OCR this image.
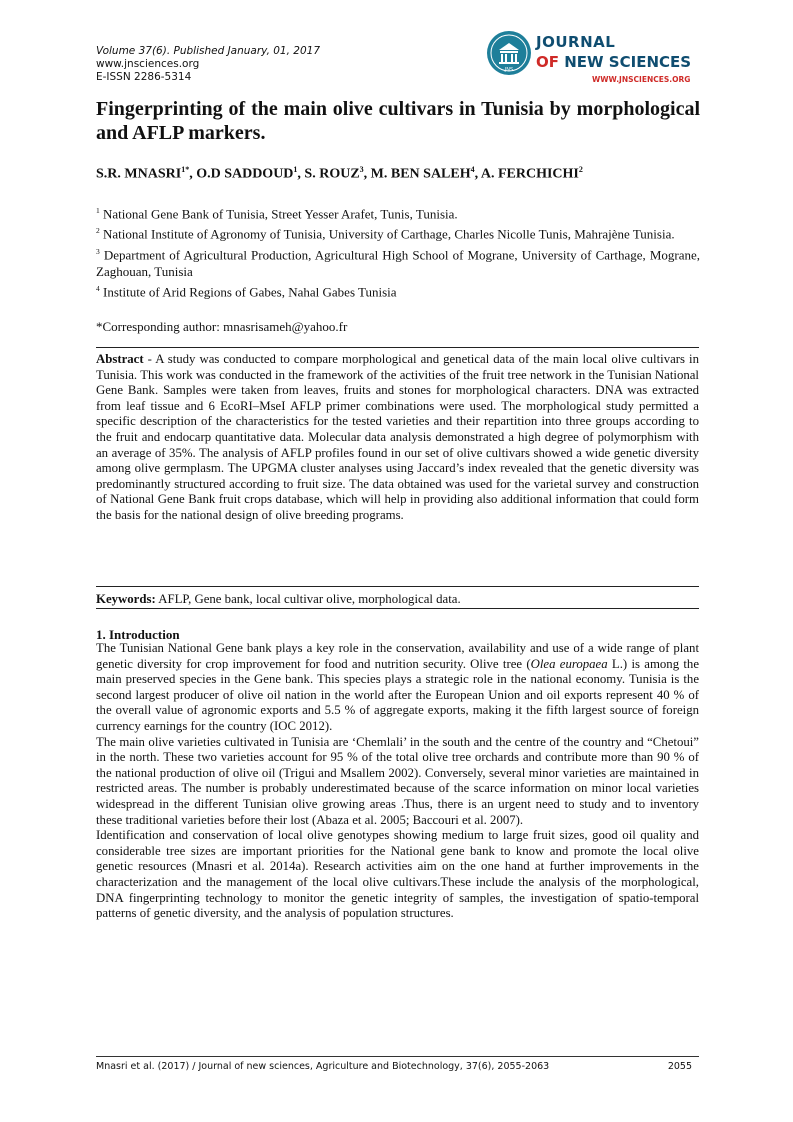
Volume 37(6). Published January, 01, 2017
www.jnsciences.org
E-ISSN 2286-5314
JNS
JOURNAL
OF NEW SCIENCES
WWW.JNSCIENCES.ORG
Fingerprinting of the main olive cultivars in Tunisia by morphological and AFLP markers.
S.R. $MNASRI^{1*}$, O.D SADDOUD$^1$, S. ROUZ$^3$, M. BEN SALEH$^4$, A. FERCHICHI$^2$

$^1$ National Gene Bank of Tunisia, Street Yesser Arafet, Tunis, Tunisia.

$^2$ National Institute of Agronomy of Tunisia, University of Carthage, Charles Nicolle Tunis, Mahrajène Tunisia.

$^3$ Department of Agricultural Production, Agricultural High School of Mograne, University of Carthage, Mograne, Zaghouan, Tunisia

$^4$ Institute of Arid Regions of Gabes, Nahal Gabes Tunisia

*Corresponding author: mnasrisameh@yahoo.fr

Abstract - A study was conducted to compare morphological and genetical data of the main local olive cultivars in Tunisia. This work was conducted in the framework of the activities of the fruit tree network in the Tunisian National Gene Bank. Samples were taken from leaves, fruits and stones for morphological characters. DNA was extracted from leaf tissue and 6 EcoRI–MseI AFLP primer combinations were used. The morphological study permitted a specific description of the characteristics for the tested varieties and their repartition into three groups according to the fruit and endocarp quantitative data. Molecular data analysis demonstrated a high degree of polymorphism with an average of 35%. The analysis of AFLP profiles found in our set of olive cultivars showed a wide genetic diversity among olive germplasm. The UPGMA cluster analyses using Jaccard’s index revealed that the genetic diversity was predominantly structured according to fruit size. The data obtained was used for the varietal survey and construction of National Gene Bank fruit crops database, which will help in providing also additional information that could form the basis for the national design of olive breeding programs.

Keywords: AFLP, Gene bank, local cultivar olive, morphological data.
1. Introduction

The Tunisian National Gene bank plays a key role in the conservation, availability and use of a wide range of plant genetic diversity for crop improvement for food and nutrition security. Olive tree (Olea europaea L.) is among the main preserved species in the Gene bank. This species plays a strategic role in the national economy. Tunisia is the second largest producer of olive oil nation in the world after the European Union and oil exports represent 40 % of the overall value of agronomic exports and 5.5 % of aggregate exports, making it the fifth largest source of foreign currency earnings for the country (IOC 2012).

The main olive varieties cultivated in Tunisia are ‘Chemlali’ in the south and the centre of the country and “Chetoui” in the north. These two varieties account for 95 % of the total olive tree orchards and contribute more than 90 % of the national production of olive oil (Trigui and Msallem 2002). Conversely, several minor varieties are maintained in restricted areas. The number is probably underestimated because of the scarce information on minor local varieties widespread in the different Tunisian olive growing areas .Thus, there is an urgent need to study and to inventory these traditional varieties before their lost (Abaza et al. 2005; Baccouri et al. 2007).

Identification and conservation of local olive genotypes showing medium to large fruit sizes, good oil quality and considerable tree sizes are important priorities for the National gene bank to know and promote the local olive genetic resources (Mnasri et al. 2014a). Research activities aim on the one hand at further improvements in the characterization and the management of the local olive cultivars.These include the analysis of the morphological, DNA fingerprinting technology to monitor the genetic integrity of samples, the investigation of spatio-temporal patterns of genetic diversity, and the analysis of population structures.

Mnasri et al. (2017) / Journal of new sciences, Agriculture and Biotechnology, 37(6), 2055-2063	2055
